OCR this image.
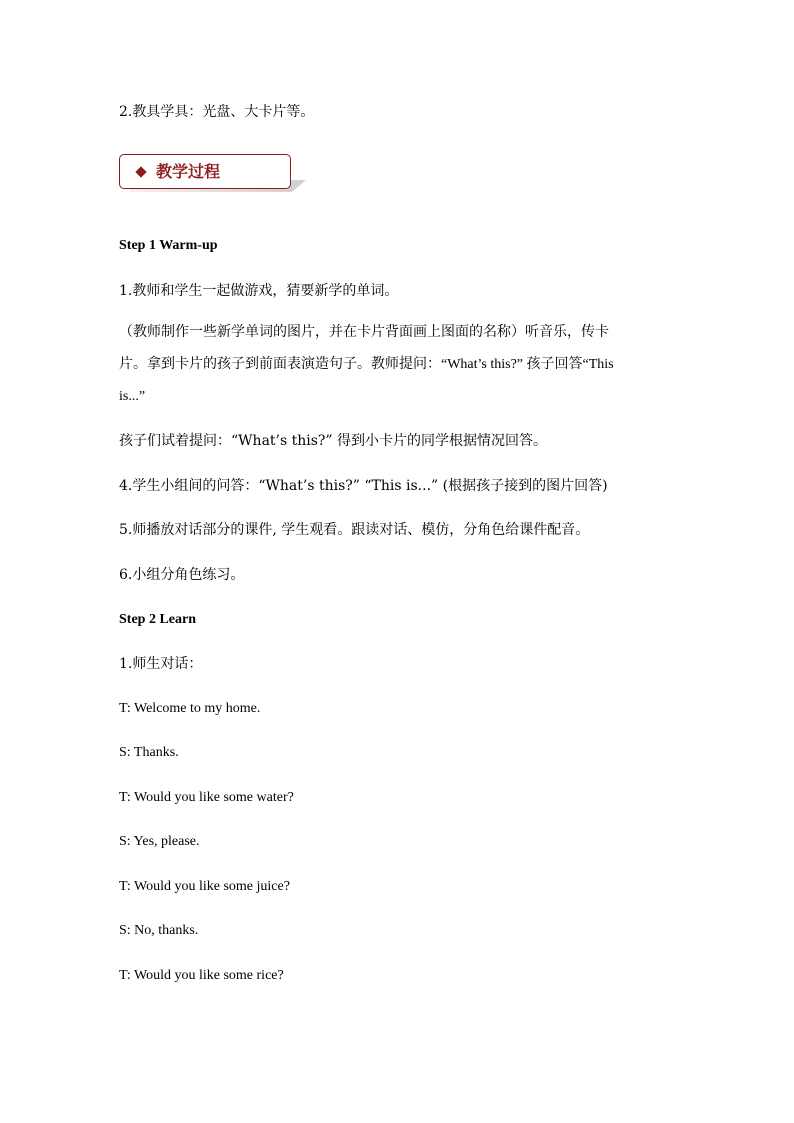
2.教具学具：光盘、大卡片等。
教学过程
Step 1 Warm-up
1.教师和学生一起做游戏，猜要新学的单词。
（教师制作一些新学单词的图片，并在卡片背面画上图面的名称）听音乐，传卡
片。拿到卡片的孩子到前面表演造句子。教师提问：“What’s this?” 孩子回答“This
is...”
孩子们试着提问：“What’s this?” 得到小卡片的同学根据情况回答。
4.学生小组间的问答：“What’s this?” “This is...” (根据孩子接到的图片回答)
5.师播放对话部分的课件, 学生观看。跟读对话、模仿，分角色给课件配音。
6.小组分角色练习。
Step 2 Learn
1.师生对话：
T: Welcome to my home.
S: Thanks.
T: Would you like some water?
S: Yes, please.
T: Would you like some juice?
S: No, thanks.
T: Would you like some rice?
